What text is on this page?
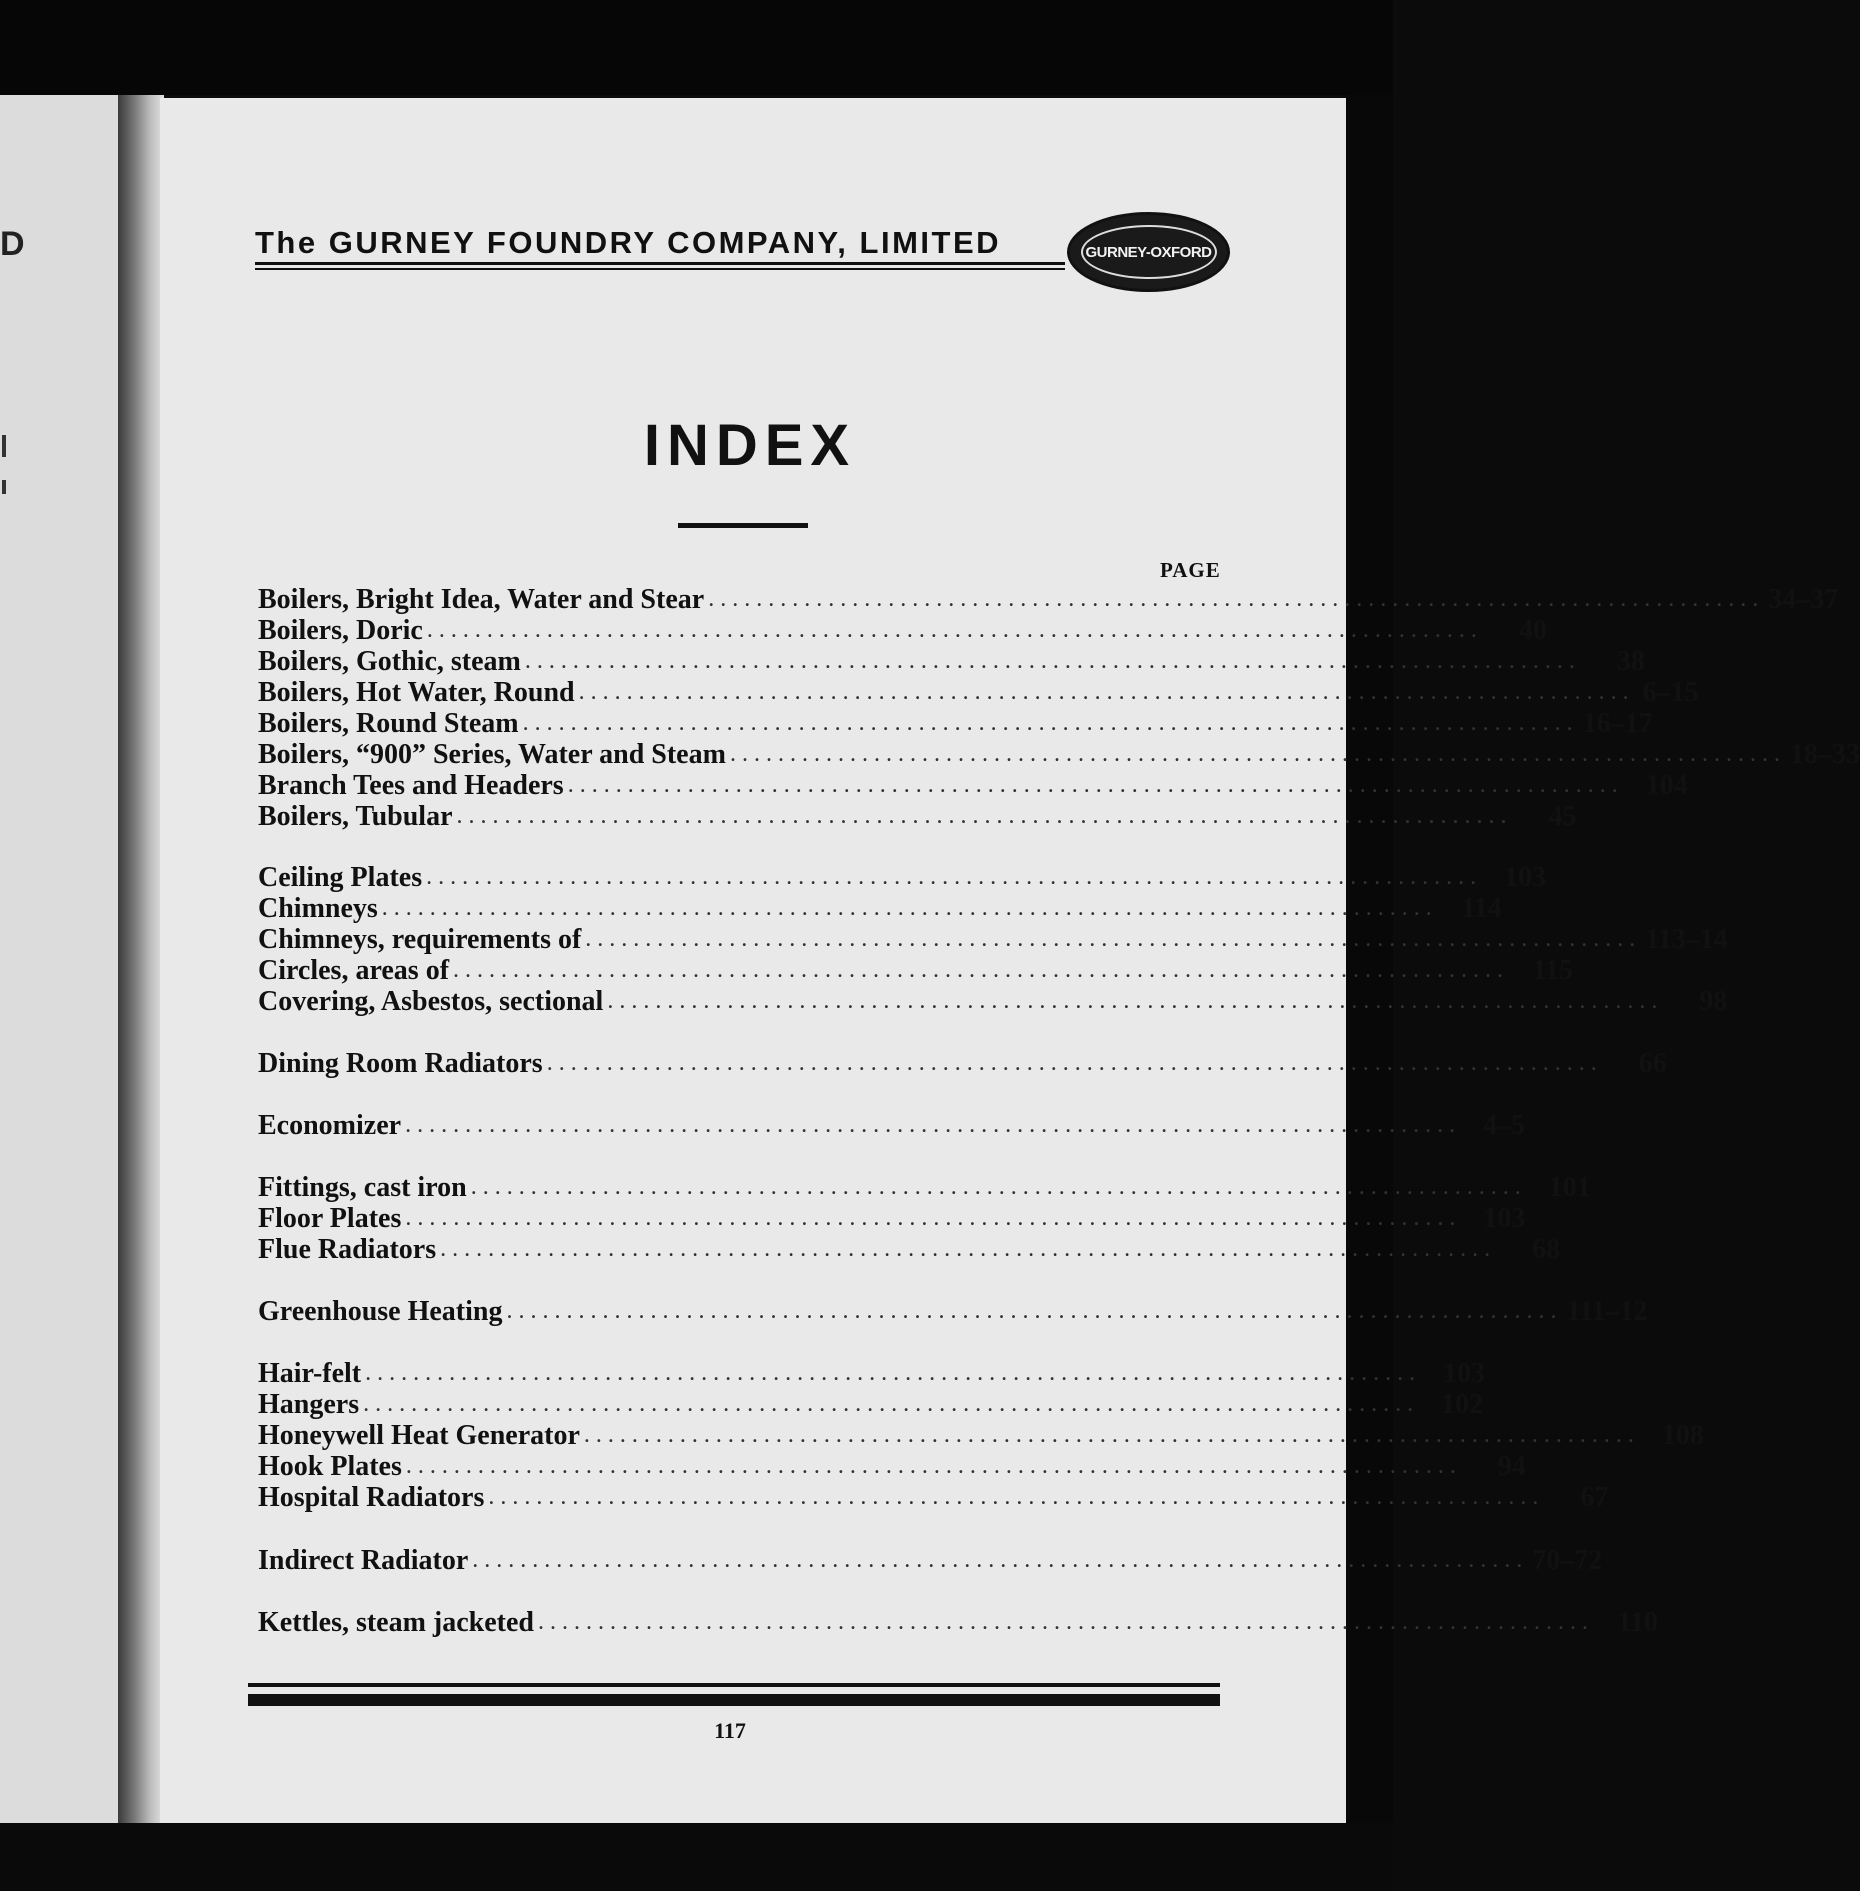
D	The GURNEY FOUNDRY COMPANY, LIMITED	GURNEY-OXFORD
INDEX
PAGE
Boilers, Bright Idea, Water and Stear ........................................................................................ 34–37
Boilers, Doric ........................................................................................	40
Boilers, Gothic, steam ........................................................................................	38
Boilers, Hot Water, Round ........................................................................................ 6–15
Boilers, Round Steam ........................................................................................ 16–17
Boilers, “900” Series, Water and Steam ........................................................................................ 18–33
Branch Tees and Headers ........................................................................................ 104
Boilers, Tubular ........................................................................................	45
Ceiling Plates ........................................................................................ 103
Chimneys ........................................................................................ 114
Chimneys, requirements of ........................................................................................ 113–14
Circles, areas of ........................................................................................ 115
Covering, Asbestos, sectional ........................................................................................	98
Dining Room Radiators ........................................................................................	66
Economizer ........................................................................................ 4–5
Fittings, cast iron ........................................................................................ 101
Floor Plates ........................................................................................ 103
Flue Radiators ........................................................................................	68
Greenhouse Heating ........................................................................................ 111–12
Hair-felt ........................................................................................ 103
Hangers ........................................................................................ 102
Honeywell Heat Generator ........................................................................................ 108
Hook Plates ........................................................................................	94
Hospital Radiators ........................................................................................	67
Indirect Radiator ........................................................................................ 70–72
Kettles, steam jacketed ........................................................................................ 110
117
